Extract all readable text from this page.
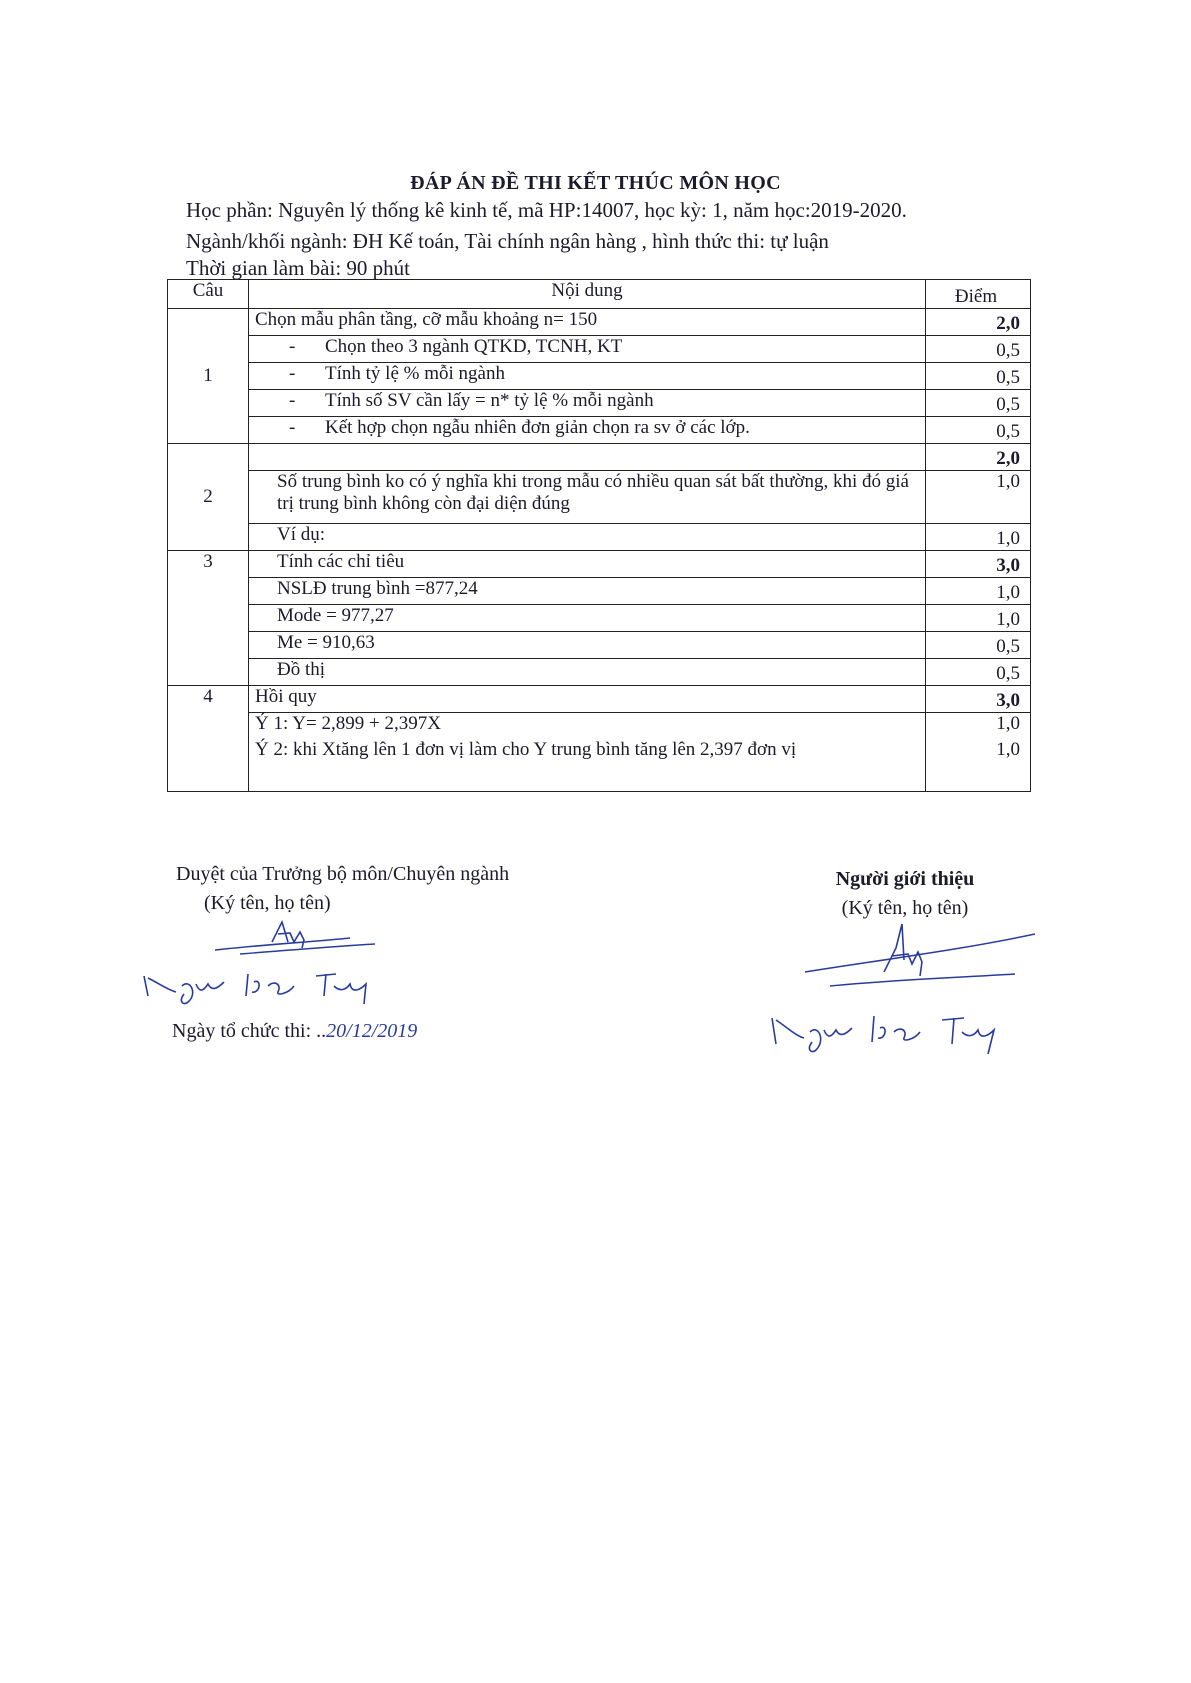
ĐÁP ÁN ĐỀ THI KẾT THÚC MÔN HỌC
Học phần: Nguyên lý thống kê kinh tế, mã HP:14007, học kỳ: 1, năm học:2019-2020.
Ngành/khối ngành: ĐH Kế toán, Tài chính ngân hàng , hình thức thi: tự luận
Thời gian làm bài: 90 phút
Câu	Nội dung	Điểm
1	Chọn mẫu phân tầng, cỡ mẫu khoảng n= 150	2,0
	- Chọn theo 3 ngành QTKD, TCNH, KT	0,5
	- Tính tỷ lệ % mỗi ngành	0,5
	- Tính số SV cần lấy = n* tỷ lệ % mỗi ngành	0,5
	- Kết hợp chọn ngẫu nhiên đơn giản chọn ra sv ở các lớp.	0,5
2		2,0
	Số trung bình ko có ý nghĩa khi trong mẫu có nhiều quan sát bất thường, khi đó giá trị trung bình không còn đại diện đúng	1,0
	Ví dụ:	1,0
3	Tính các chỉ tiêu	3,0
	NSLĐ trung bình =877,24	1,0
	Mode = 977,27	1,0
	Me = 910,63	0,5
	Đồ thị	0,5
4	Hồi quy	3,0
	Ý 1: Y= 2,899 + 2,397X	1,0
	Ý 2: khi Xtăng lên 1 đơn vị làm cho Y trung bình tăng lên 2,397 đơn vị	1,0
Duyệt của Trưởng bộ môn/Chuyên ngành
(Ký tên, họ tên)
Ngày tổ chức thi: ..20/12/2019
Người giới thiệu
(Ký tên, họ tên)
